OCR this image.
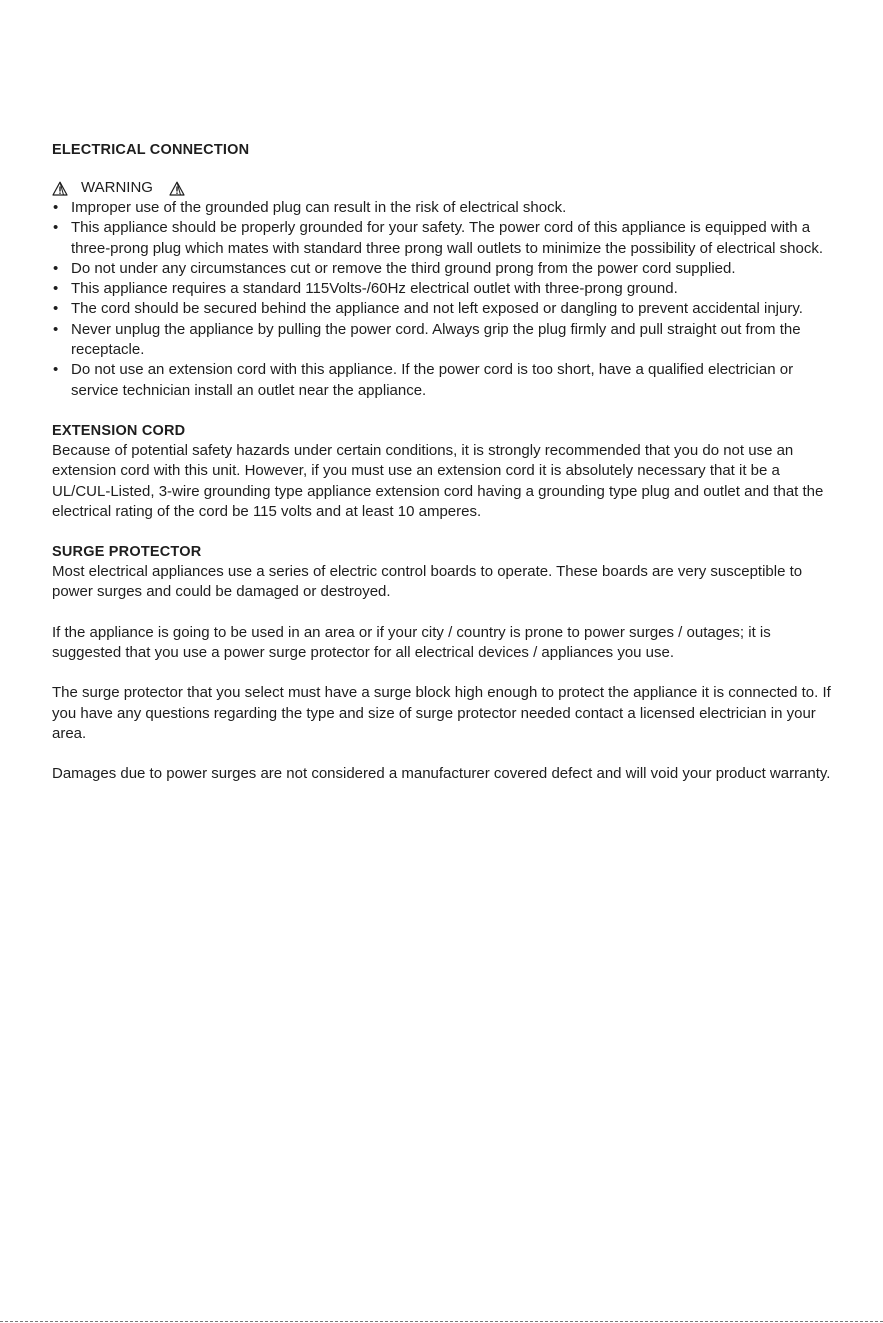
ELECTRICAL CONNECTION
WARNING
• Improper use of the grounded plug can result in the risk of electrical shock.
• This appliance should be properly grounded for your safety. The power cord of this appliance is equipped with a three-prong plug which mates with standard three prong wall outlets to minimize the possibility of electrical shock.
• Do not under any circumstances cut or remove the third ground prong from the power cord supplied.
• This appliance requires a standard 115Volts-/60Hz electrical outlet with three-prong ground.
• The cord should be secured behind the appliance and not left exposed or dangling to prevent accidental injury.
• Never unplug the appliance by pulling the power cord. Always grip the plug firmly and pull straight out from the receptacle.
• Do not use an extension cord with this appliance. If the power cord is too short, have a qualified electrician or service technician install an outlet near the appliance.
EXTENSION CORD

Because of potential safety hazards under certain conditions, it is strongly recommended that you do not use an extension cord with this unit. However, if you must use an extension cord it is absolutely necessary that it be a UL/CUL-Listed, 3-wire grounding type appliance extension cord having a grounding type plug and outlet and that the electrical rating of the cord be 115 volts and at least 10 amperes.

SURGE PROTECTOR

Most electrical appliances use a series of electric control boards to operate. These boards are very susceptible to power surges and could be damaged or destroyed.

If the appliance is going to be used in an area or if your city / country is prone to power surges / outages; it is suggested that you use a power surge protector for all electrical devices / appliances you use.

The surge protector that you select must have a surge block high enough to protect the appliance it is connected to. If you have any questions regarding the type and size of surge protector needed contact a licensed electrician in your area.

Damages due to power surges are not considered a manufacturer covered defect and will void your product warranty.
